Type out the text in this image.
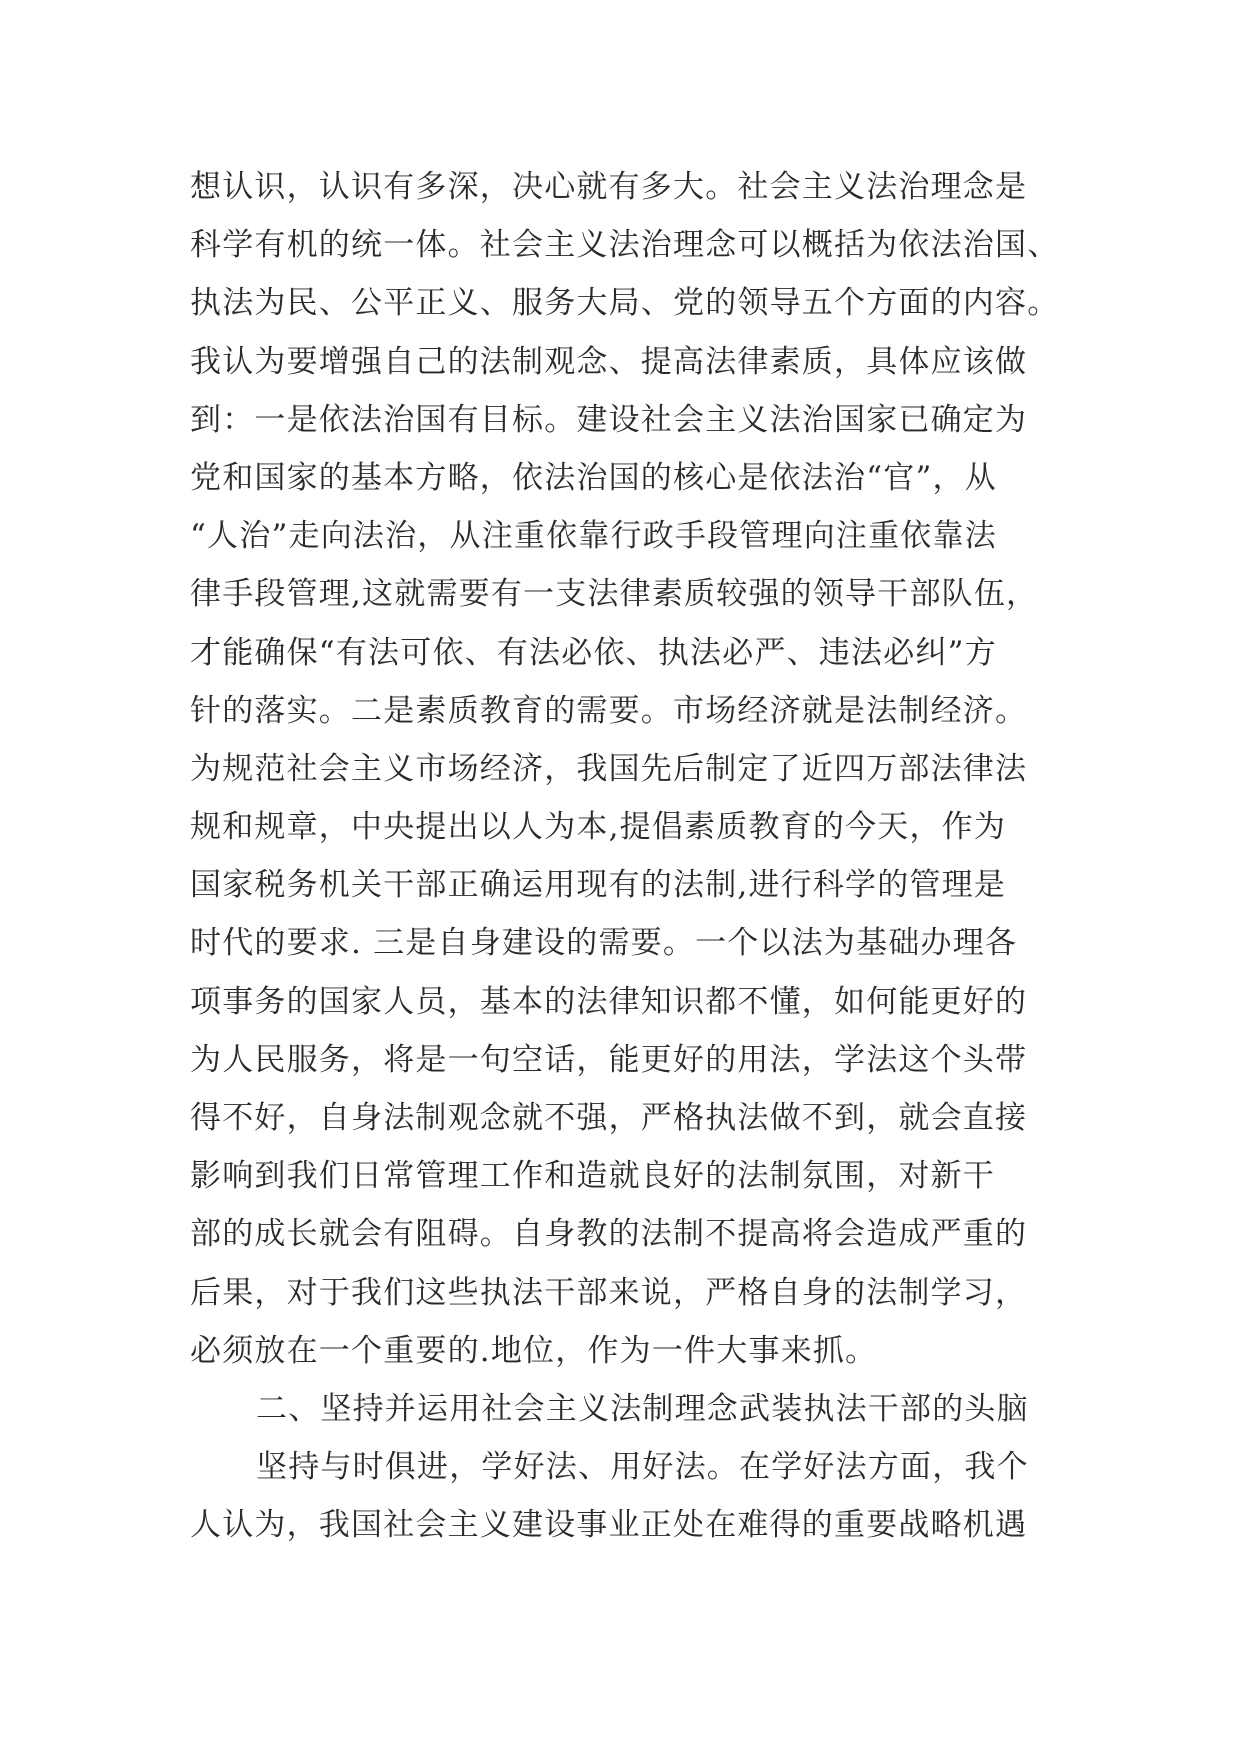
想认识，认识有多深，决心就有多大。社会主义法治理念是
科学有机的统一体。社会主义法治理念可以概括为依法治国、
执法为民、公平正义、服务大局、党的领导五个方面的内容。
我认为要增强自己的法制观念、提高法律素质，具体应该做
到：一是依法治国有目标。建设社会主义法治国家已确定为
党和国家的基本方略，依法治国的核心是依法治“官”，从
“人治”走向法治，从注重依靠行政手段管理向注重依靠法
律手段管理,这就需要有一支法律素质较强的领导干部队伍，
才能确保“有法可依、有法必依、执法必严、违法必纠”方
针的落实。二是素质教育的需要。市场经济就是法制经济。
为规范社会主义市场经济，我国先后制定了近四万部法律法
规和规章，中央提出以人为本,提倡素质教育的今天，作为
国家税务机关干部正确运用现有的法制,进行科学的管理是
时代的要求. 三是自身建设的需要。一个以法为基础办理各
项事务的国家人员，基本的法律知识都不懂，如何能更好的
为人民服务，将是一句空话，能更好的用法，学法这个头带
得不好，自身法制观念就不强，严格执法做不到，就会直接
影响到我们日常管理工作和造就良好的法制氛围，对新干
部的成长就会有阻碍。自身教的法制不提高将会造成严重的
后果，对于我们这些执法干部来说，严格自身的法制学习，
必须放在一个重要的.地位，作为一件大事来抓。
二、坚持并运用社会主义法制理念武装执法干部的头脑
坚持与时俱进，学好法、用好法。在学好法方面，我个
人认为，我国社会主义建设事业正处在难得的重要战略机遇
